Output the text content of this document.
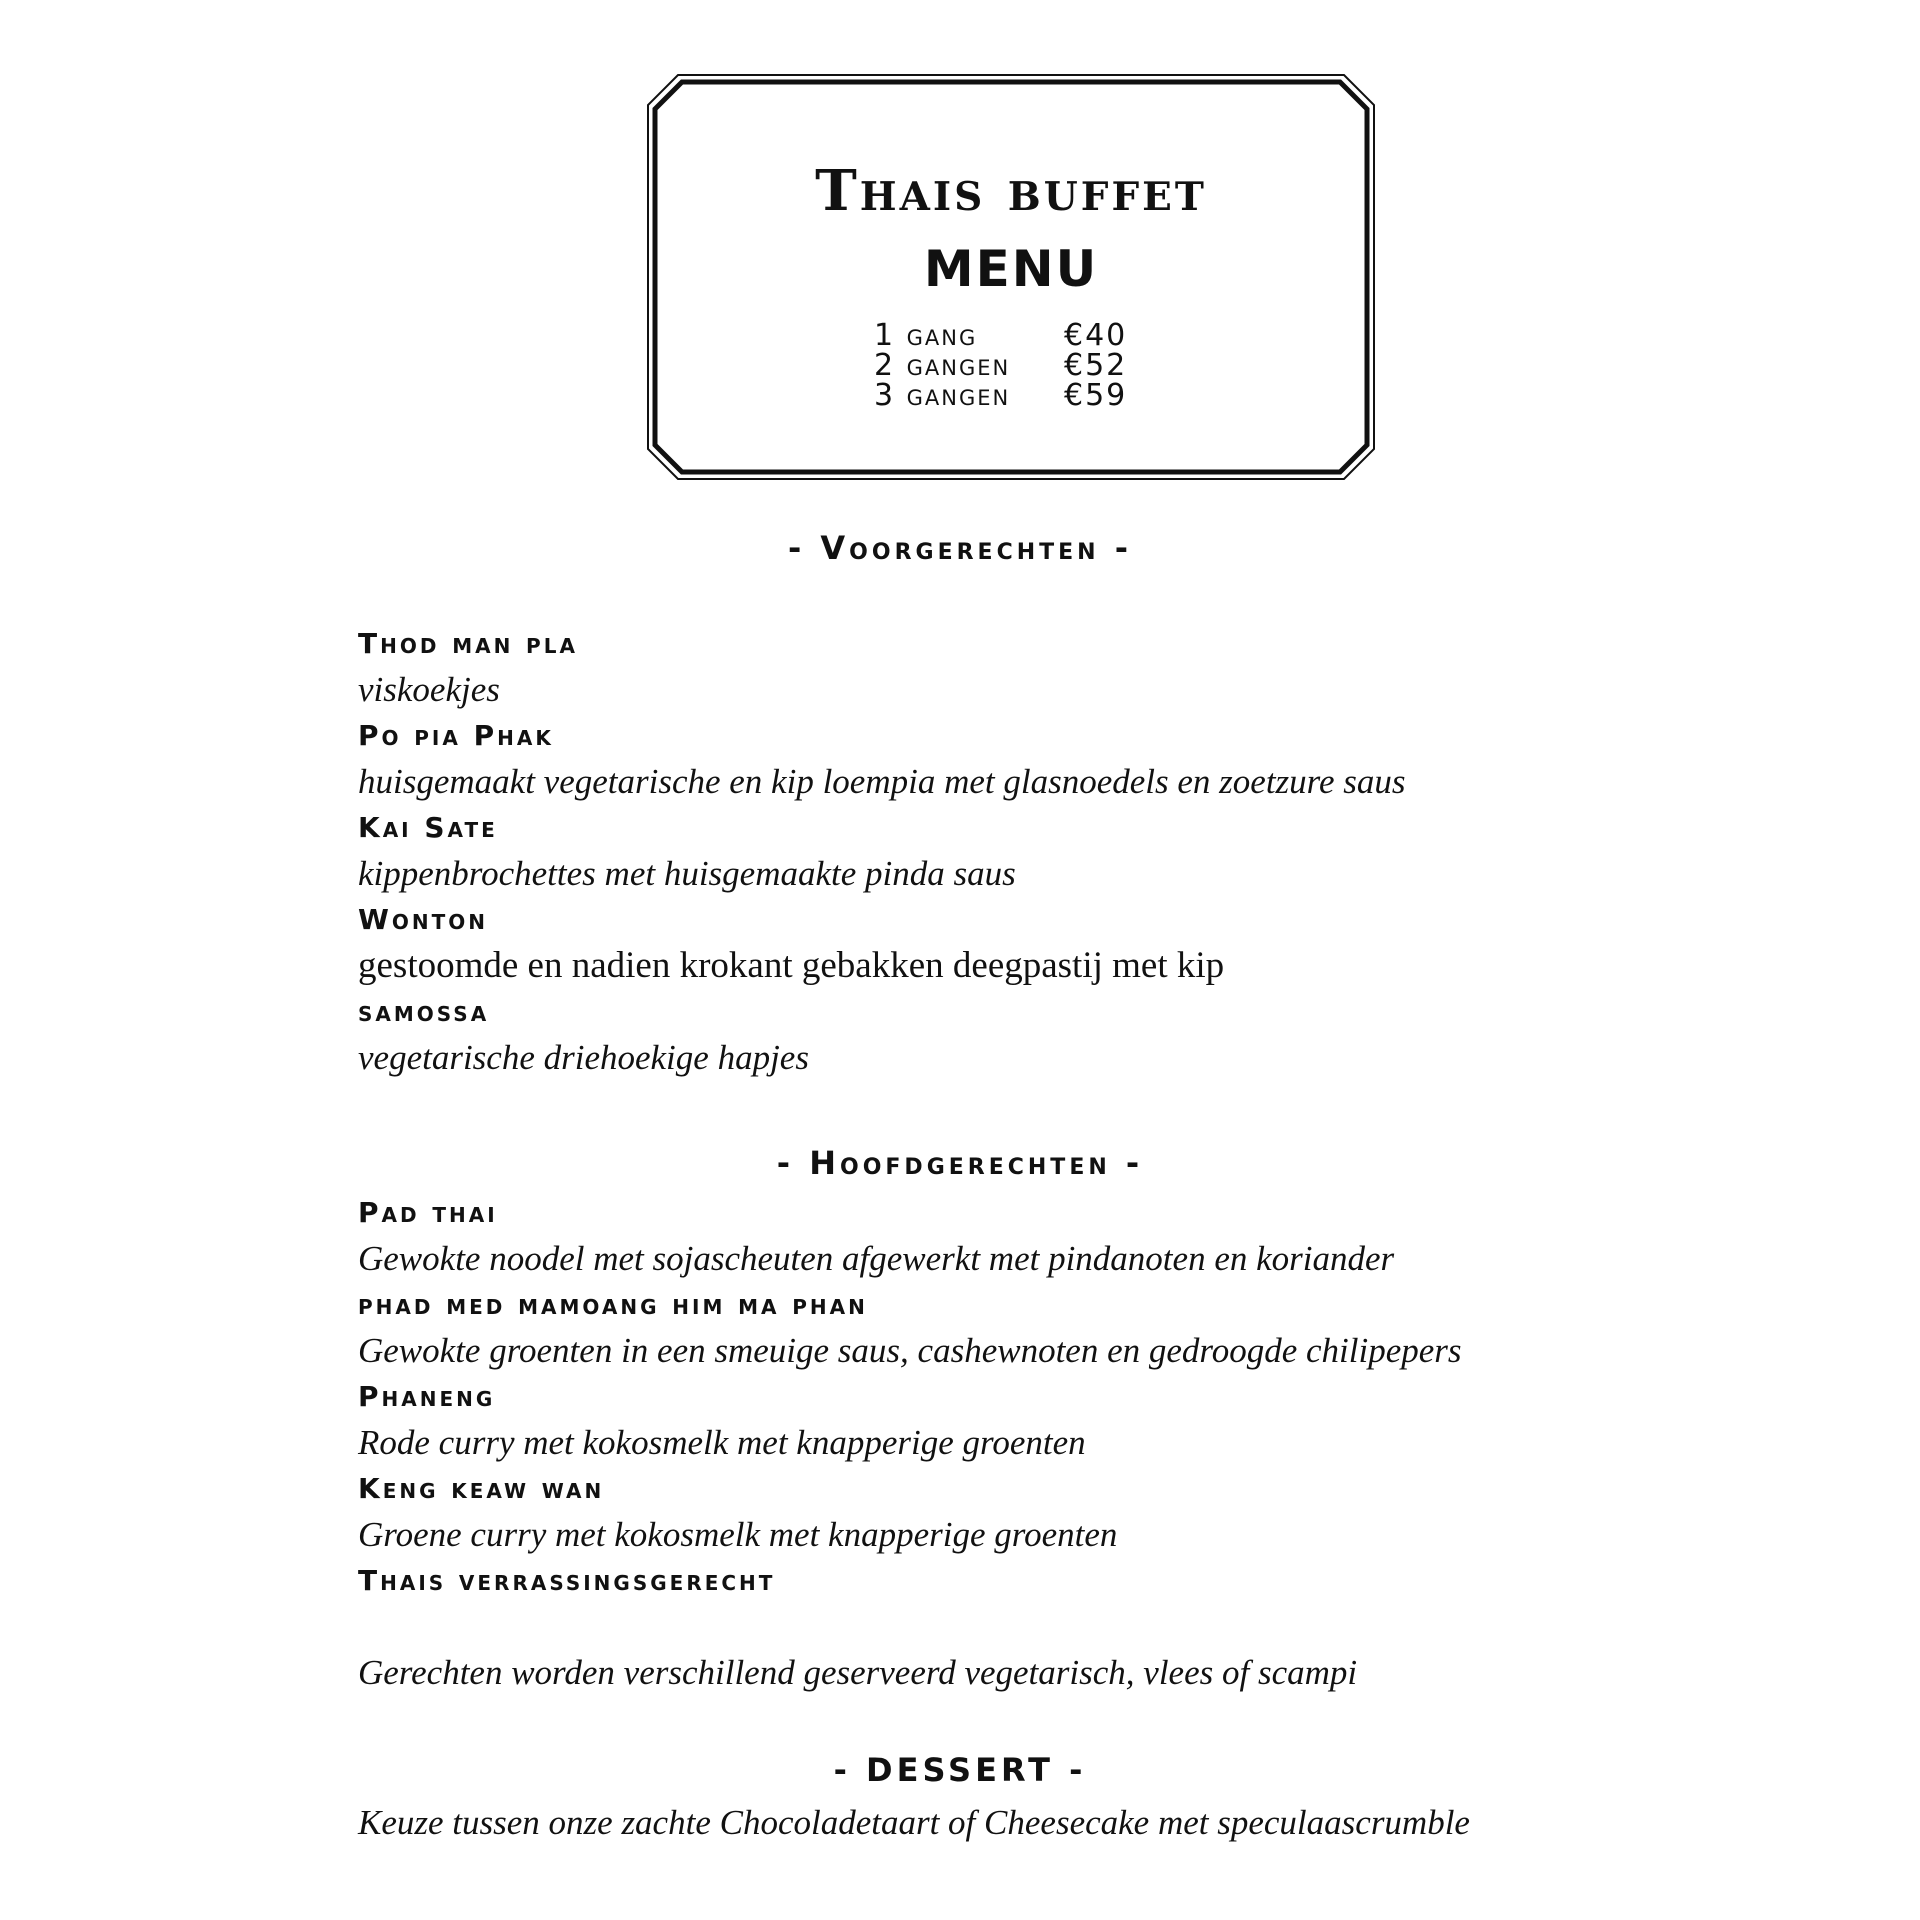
Thais buffet
MENU
1 gang	€40
2 gangen	€52
3 gangen	€59
- Voorgerechten -
Thod man pla
viskoekjes
Po pia Phak
huisgemaakt vegetarische en kip loempia met glasnoedels en zoetzure saus
Kai Sate
kippenbrochettes met huisgemaakte pinda saus
Wonton
gestoomde en nadien krokant gebakken deegpastij met kip
samossa
vegetarische driehoekige hapjes
- Hoofdgerechten -
Pad thai
Gewokte noodel met sojascheuten afgewerkt met pindanoten en koriander
phad med mamoang him ma phan
Gewokte groenten in een smeuige saus, cashewnoten en gedroogde chilipepers
Phaneng
Rode curry met kokosmelk met knapperige groenten
Keng keaw wan
Groene curry met kokosmelk met knapperige groenten
Thais verrassingsgerecht
Gerechten worden verschillend geserveerd vegetarisch, vlees of scampi
- DESSERT -
Keuze tussen onze zachte Chocoladetaart of Cheesecake met speculaascrumble
